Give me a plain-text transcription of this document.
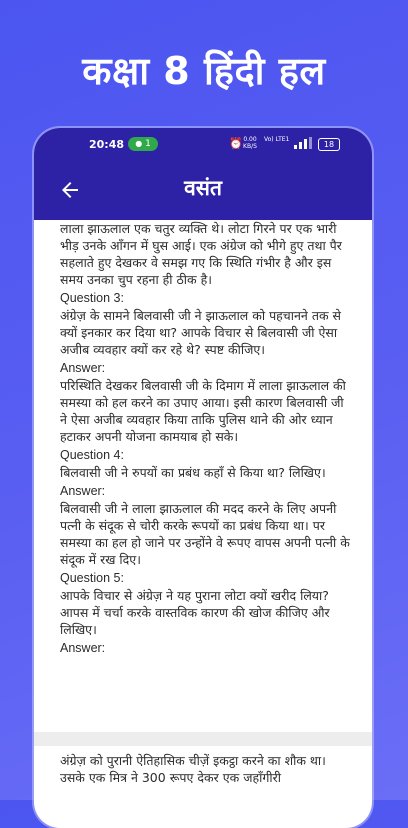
कक्षा 8 हिंदी हल
20:48	● 1	⏰ 0.00 KB/S
Vo) LTE1
18
वसंत

लाला झाऊलाल एक चतुर व्यक्ति थे। लोटा गिरने पर एक भारी भीड़ उनके आँगन में घुस आई। एक अंग्रेज को भीगे हुए तथा पैर सहलाते हुए देखकर वे समझ गए कि स्थिति गंभीर है और इस समय उनका चुप रहना ही ठीक है।

Question 3:

अंग्रेज़ के सामने बिलवासी जी ने झाऊलाल को पहचानने तक से क्यों इनकार कर दिया था? आपके विचार से बिलवासी जी ऐसा अजीब व्यवहार क्यों कर रहे थे? स्पष्ट कीजिए।

Answer:

परिस्थिति देखकर बिलवासी जी के दिमाग में लाला झाऊलाल की समस्या को हल करने का उपाए आया। इसी कारण बिलवासी जी ने ऐसा अजीब व्यवहार किया ताकि पुलिस थाने की ओर ध्यान हटाकर अपनी योजना कामयाब हो सके।

Question 4:

बिलवासी जी ने रुपयों का प्रबंध कहाँ से किया था? लिखिए।

Answer:

बिलवासी जी ने लाला झाऊलाल की मदद करने के लिए अपनी पत्नी के संदूक से चोरी करके रूपयों का प्रबंध किया था। पर समस्या का हल हो जाने पर उन्होंने वे रूपए वापस अपनी पत्नी के संदूक में रख दिए।

Question 5:

आपके विचार से अंग्रेज़ ने यह पुराना लोटा क्यों खरीद लिया? आपस में चर्चा करके वास्तविक कारण की खोज कीजिए और लिखिए।

Answer:

अंग्रेज़ को पुरानी ऐतिहासिक चीज़ें इकट्ठा करने का शौक था। उसके एक मित्र ने 300 रूपए देकर एक जहाँगीरी
